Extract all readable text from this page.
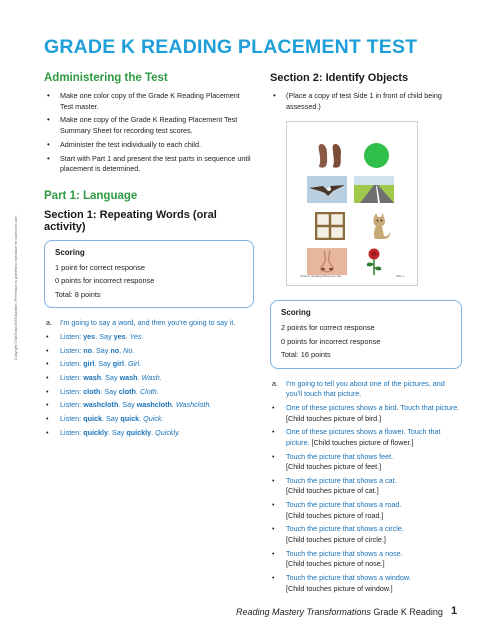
GRADE K READING PLACEMENT TEST
Copyright © McGraw-Hill Education. Permission is granted to reproduce for classroom use.
Administering the Test
• Make one color copy of the Grade K Reading Placement Test master.
• Make one copy of the Grade K Reading Placement Test Summary Sheet for recording test scores.
• Administer the test individually to each child.
• Start with Part 1 and present the test parts in sequence until placement is determined.
Part 1: Language
Section 1: Repeating Words (oral activity)
Scoring
1 point for correct response
0 points for incorrect response
Total: 8 points
a. I'm going to say a word, and then you're going to say it.
• Listen: yes. Say yes. Yes.
• Listen: no. Say no. No.
• Listen: girl. Say girl. Girl.
• Listen: wash. Say wash. Wash.
• Listen: cloth. Say cloth. Cloth.
• Listen: washcloth. Say washcloth. Washcloth.
• Listen: quick. Say quick. Quick.
• Listen: quickly. Say quickly. Quickly.
Section 2: Identify Objects
• (Place a copy of test Side 1 in front of child being assessed.)
Grade K Reading Placement Test	Side 1
Scoring
2 points for correct response
0 points for incorrect response
Total: 16 points
a. I'm going to tell you about one of the pictures, and you'll touch that picture.
• One of these pictures shows a bird. Touch that picture. [Child touches picture of bird.]
• One of these pictures shows a flower. Touch that picture. [Child touches picture of flower.]
• Touch the picture that shows feet.
[Child touches picture of feet.]
• Touch the picture that shows a cat.
[Child touches picture of cat.]
• Touch the picture that shows a road.
[Child touches picture of road.]
• Touch the picture that shows a circle.
[Child touches picture of circle.]
• Touch the picture that shows a nose.
[Child touches picture of nose.]
• Touch the picture that shows a window.
[Child touches picture of window.]
Reading Mastery Transformations Grade K Reading 1
